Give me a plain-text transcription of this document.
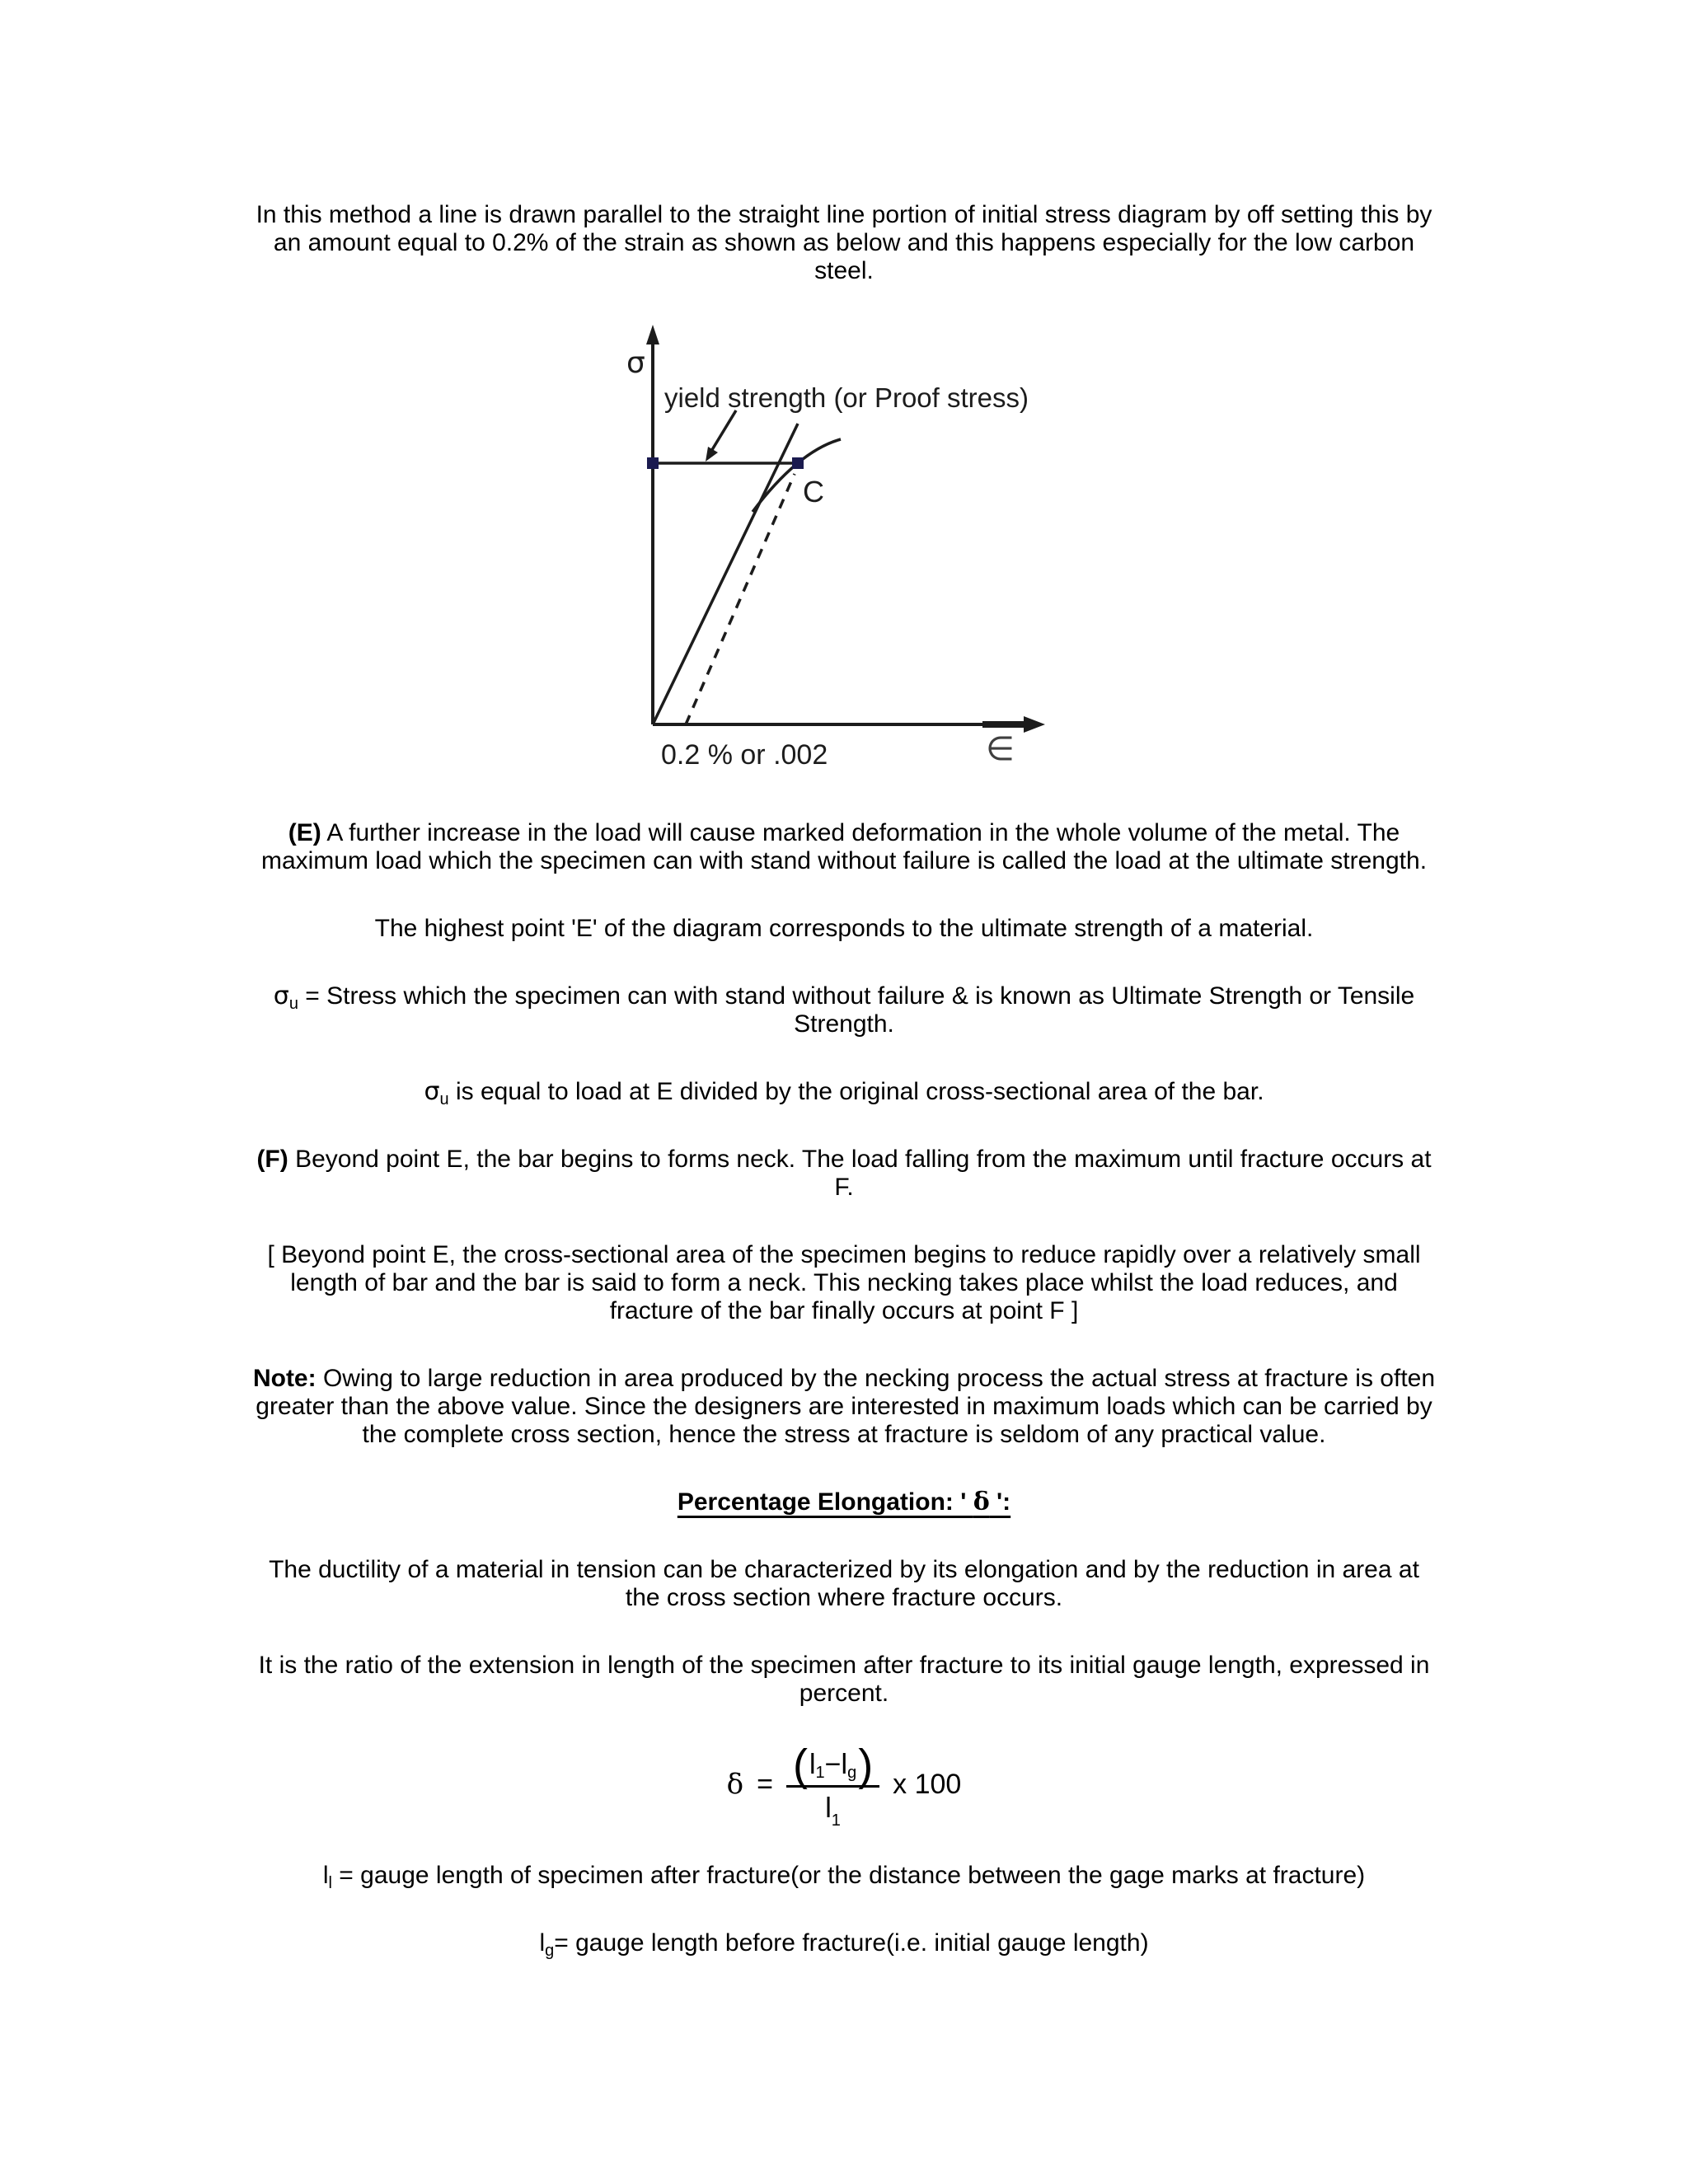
In this method a line is drawn parallel to the straight line portion of initial stress diagram by off setting this by
an amount equal to 0.2% of the strain as shown as below and this happens especially for the low carbon
steel.

σ
yield strength (or Proof stress)
C
0.2 % or .002	∈

(E) A further increase in the load will cause marked deformation in the whole volume of the metal. The
maximum load which the specimen can with stand without failure is called the load at the ultimate strength.

The highest point 'E' of the diagram corresponds to the ultimate strength of a material.

$\sigma_u$ = Stress which the specimen can with stand without failure & is known as Ultimate Strength or Tensile
Strength.

$\sigma_u$ is equal to load at E divided by the original cross-sectional area of the bar.

(F) Beyond point E, the bar begins to forms neck. The load falling from the maximum until fracture occurs at
F.

[ Beyond point E, the cross-sectional area of the specimen begins to reduce rapidly over a relatively small
length of bar and the bar is said to form a neck. This necking takes place whilst the load reduces, and
fracture of the bar finally occurs at point F ]

Note: Owing to large reduction in area produced by the necking process the actual stress at fracture is often
greater than the above value. Since the designers are interested in maximum loads which can be carried by
the complete cross section, hence the stress at fracture is seldom of any practical value.

Percentage Elongation: ' δ ':

The ductility of a material in tension can be characterized by its elongation and by the reduction in area at
the cross section where fracture occurs.

It is the ratio of the extension in length of the specimen after fracture to its initial gauge length, expressed in
percent.

$\delta = \frac{( l_1 - l_g )}{l_1}$ x 100

$l_l$ = gauge length of specimen after fracture(or the distance between the gage marks at fracture)

$l_g=$ gauge length before fracture(i.e. initial gauge length)
